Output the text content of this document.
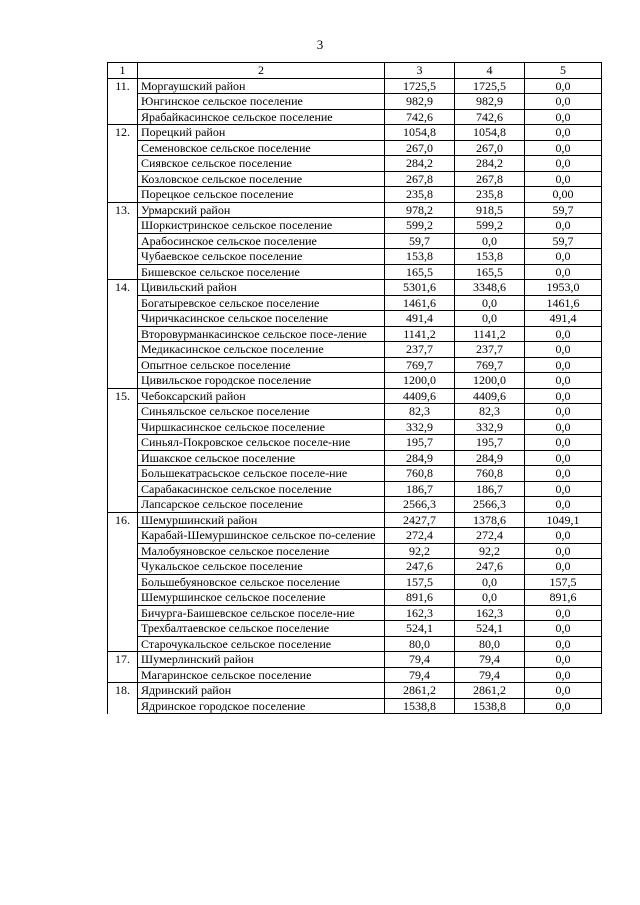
3
1	2	3	4	5
11.	Моргаушский район	1725,5	1725,5	0,0
	Юнгинское сельское поселение	982,9	982,9	0,0
	Ярабайкасинское сельское поселение	742,6	742,6	0,0
12.	Порецкий район	1054,8	1054,8	0,0
	Семеновское сельское поселение	267,0	267,0	0,0
	Сиявское сельское поселение	284,2	284,2	0,0
	Козловское сельское поселение	267,8	267,8	0,0
	Порецкое сельское поселение	235,8	235,8	0,00
13.	Урмарский район	978,2	918,5	59,7
	Шоркистринское сельское поселение	599,2	599,2	0,0
	Арабосинское сельское поселение	59,7	0,0	59,7
	Чубаевское сельское поселение	153,8	153,8	0,0
	Бишевское сельское поселение	165,5	165,5	0,0
14.	Цивильский район	5301,6	3348,6	1953,0
	Богатыревское сельское поселение	1461,6	0,0	1461,6
	Чиричкасинское сельское поселение	491,4	0,0	491,4
	Второвурманкасинское сельское посе-ление	1141,2	1141,2	0,0
	Медикасинское сельское поселение	237,7	237,7	0,0
	Опытное сельское поселение	769,7	769,7	0,0
	Цивильское городское поселение	1200,0	1200,0	0,0
15.	Чебоксарский район	4409,6	4409,6	0,0
	Синьяльское сельское поселение	82,3	82,3	0,0
	Чиршкасинское сельское поселение	332,9	332,9	0,0
	Синьял-Покровское сельское поселе-ние	195,7	195,7	0,0
	Ишакское сельское поселение	284,9	284,9	0,0
	Большекатрасьское сельское поселе-ние	760,8	760,8	0,0
	Сарабакасинское сельское поселение	186,7	186,7	0,0
	Лапсарское сельское поселение	2566,3	2566,3	0,0
16.	Шемуршинский район	2427,7	1378,6	1049,1
	Карабай-Шемуршинское сельское по-селение	272,4	272,4	0,0
	Малобуяновское сельское поселение	92,2	92,2	0,0
	Чукальское сельское поселение	247,6	247,6	0,0
	Большебуяновское сельское поселение	157,5	0,0	157,5
	Шемуршинское сельское поселение	891,6	0,0	891,6
	Бичурга-Баишевское сельское поселе-ние	162,3	162,3	0,0
	Трехбалтаевское сельское поселение	524,1	524,1	0,0
	Старочукальское сельское поселение	80,0	80,0	0,0
17.	Шумерлинский район	79,4	79,4	0,0
	Магаринское сельское поселение	79,4	79,4	0,0
18.	Ядринский район	2861,2	2861,2	0,0
	Ядринское городское поселение	1538,8	1538,8	0,0
